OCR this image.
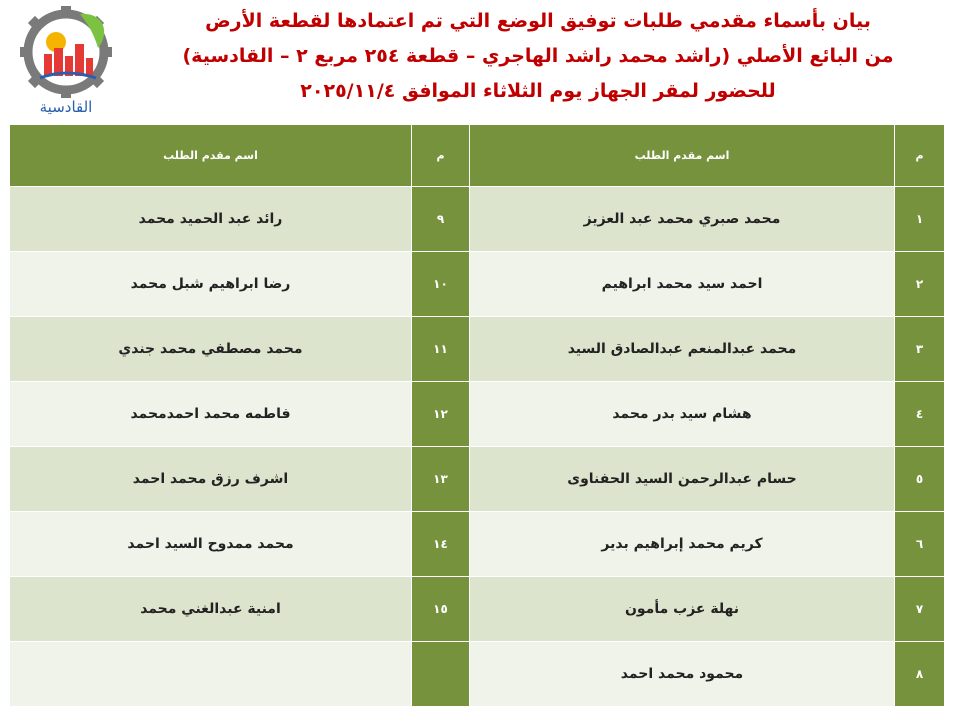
القادسية
بيان بأسماء مقدمي طلبات توفيق الوضع التي تم اعتمادها لقطعة الأرض
من البائع الأصلي (راشد محمد راشد الهاجري – قطعة ٢٥٤ مربع ٢ – القادسية)
للحضور لمقر الجهاز يوم الثلاثاء الموافق ٢٠٢٥/١١/٤
م	اسم مقدم الطلب	م	اسم مقدم الطلب
١	محمد صبري محمد عبد العزيز	٩	رائد عبد الحميد محمد
٢	احمد سيد محمد ابراهيم	١٠	رضا ابراهيم شبل محمد
٣	محمد عبدالمنعم عبدالصادق السيد	١١	محمد مصطفي محمد جندي
٤	هشام سيد بدر محمد	١٢	فاطمه محمد احمدمحمد
٥	حسام عبدالرحمن السيد الحفناوى	١٣	اشرف رزق محمد احمد
٦	كريم محمد إبراهيم بدير	١٤	محمد ممدوح السيد احمد
٧	نهلة عزب مأمون	١٥	امنية عبدالغني محمد
٨	محمود محمد احمد		
